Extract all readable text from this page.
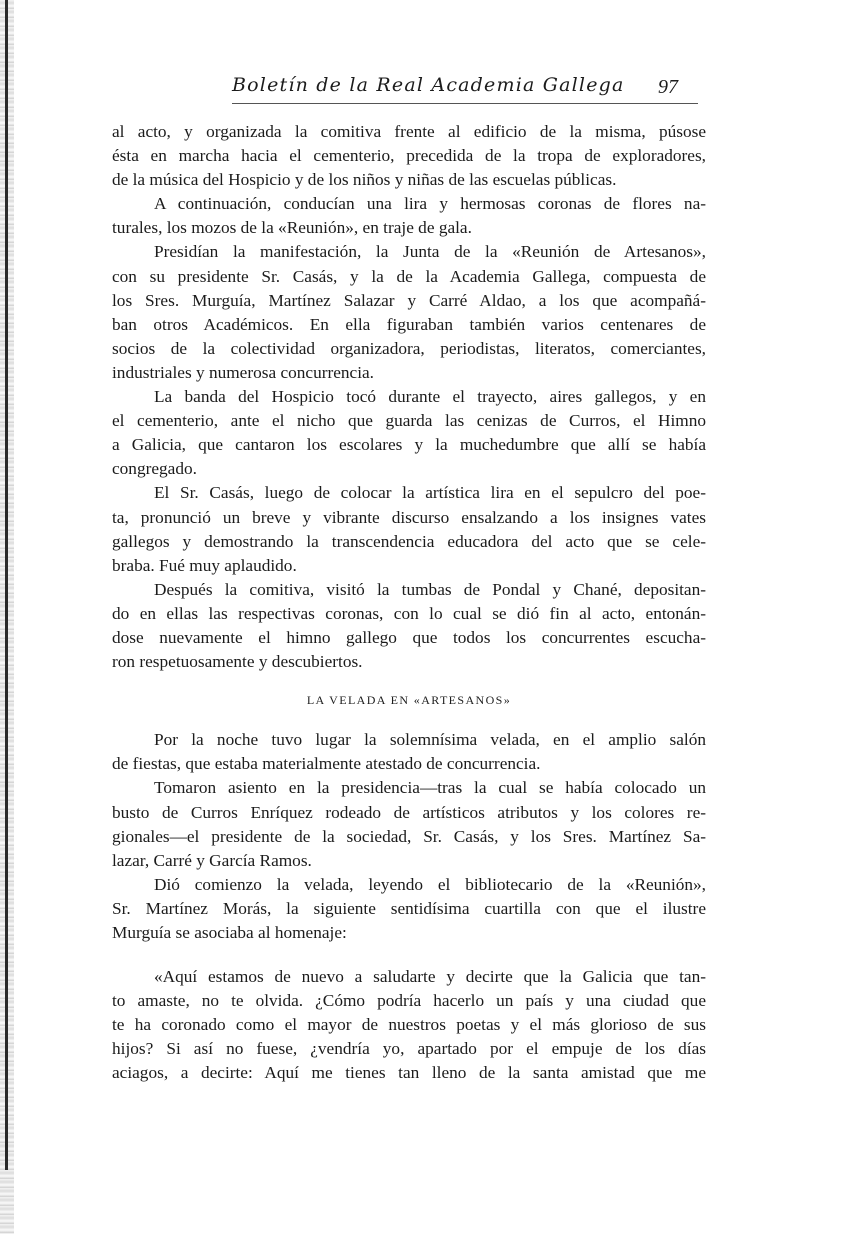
Boletín de la Real Academia Gallega 97

al acto, y organizada la comitiva frente al edificio de la misma, púsose

ésta en marcha hacia el cementerio, precedida de la tropa de exploradores,

de la música del Hospicio y de los niños y niñas de las escuelas públicas.

A continuación, conducían una lira y hermosas coronas de flores na-

turales, los mozos de la «Reunión», en traje de gala.

Presidían la manifestación, la Junta de la «Reunión de Artesanos»,

con su presidente Sr. Casás, y la de la Academia Gallega, compuesta de

los Sres. Murguía, Martínez Salazar y Carré Aldao, a los que acompañá-

ban otros Académicos. En ella figuraban también varios centenares de

socios de la colectividad organizadora, periodistas, literatos, comerciantes,

industriales y numerosa concurrencia.

La banda del Hospicio tocó durante el trayecto, aires gallegos, y en

el cementerio, ante el nicho que guarda las cenizas de Curros, el Himno

a Galicia, que cantaron los escolares y la muchedumbre que allí se había

congregado.

El Sr. Casás, luego de colocar la artística lira en el sepulcro del poe-

ta, pronunció un breve y vibrante discurso ensalzando a los insignes vates

gallegos y demostrando la transcendencia educadora del acto que se cele-

braba. Fué muy aplaudido.

Después la comitiva, visitó la tumbas de Pondal y Chané, depositan-

do en ellas las respectivas coronas, con lo cual se dió fin al acto, entonán-

dose nuevamente el himno gallego que todos los concurrentes escucha-

ron respetuosamente y descubiertos.

LA VELADA EN «ARTESANOS»

Por la noche tuvo lugar la solemnísima velada, en el amplio salón

de fiestas, que estaba materialmente atestado de concurrencia.

Tomaron asiento en la presidencia—tras la cual se había colocado un

busto de Curros Enríquez rodeado de artísticos atributos y los colores re-

gionales—el presidente de la sociedad, Sr. Casás, y los Sres. Martínez Sa-

lazar, Carré y García Ramos.

Dió comienzo la velada, leyendo el bibliotecario de la «Reunión»,

Sr. Martínez Morás, la siguiente sentidísima cuartilla con que el ilustre

Murguía se asociaba al homenaje:

«Aquí estamos de nuevo a saludarte y decirte que la Galicia que tan-

to amaste, no te olvida. ¿Cómo podría hacerlo un país y una ciudad que

te ha coronado como el mayor de nuestros poetas y el más glorioso de sus

hijos? Si así no fuese, ¿vendría yo, apartado por el empuje de los días

aciagos, a decirte: Aquí me tienes tan lleno de la santa amistad que me
